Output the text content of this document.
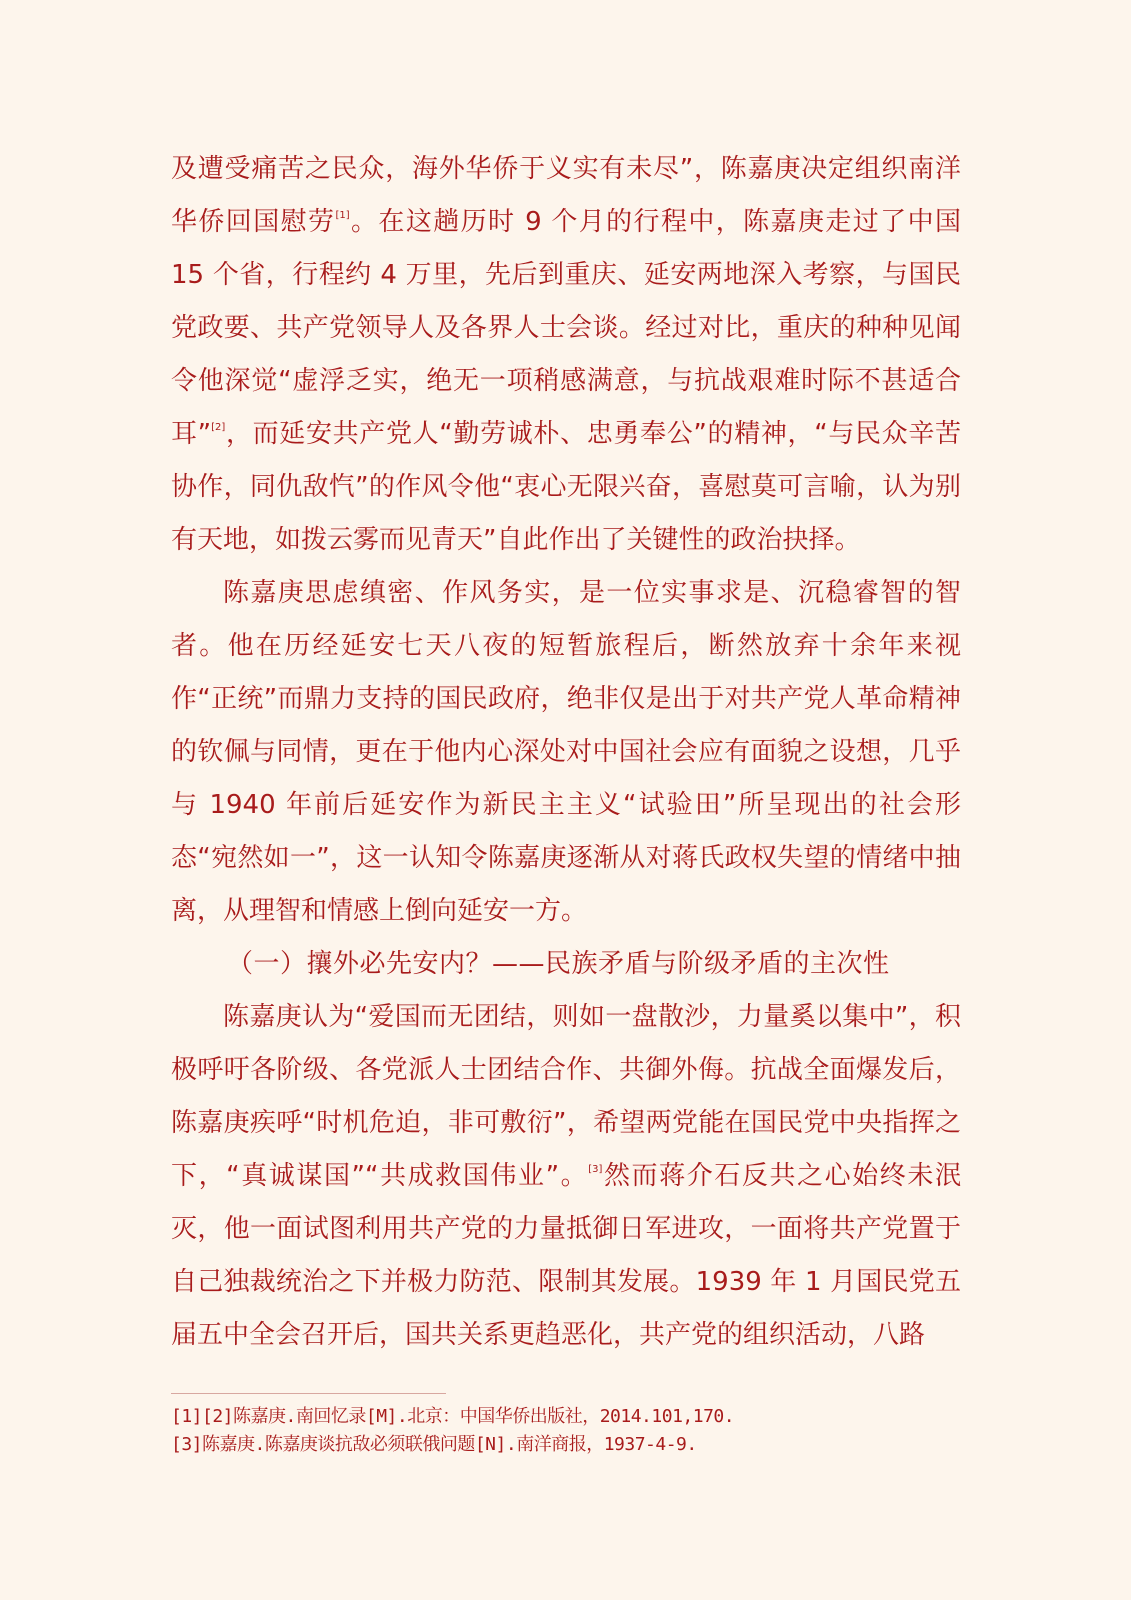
及遭受痛苦之民众，海外华侨于义实有未尽”，陈嘉庚决定组织南洋华侨回国慰劳[1]。在这趟历时 9 个月的行程中，陈嘉庚走过了中国 15 个省，行程约 4 万里，先后到重庆、延安两地深入考察，与国民党政要、共产党领导人及各界人士会谈。经过对比，重庆的种种见闻令他深觉“虚浮乏实，绝无一项稍感满意，与抗战艰难时际不甚适合耳”[2]，而延安共产党人“勤劳诚朴、忠勇奉公”的精神，“与民众辛苦协作，同仇敌忾”的作风令他“衷心无限兴奋，喜慰莫可言喻，认为别有天地，如拨云雾而见青天”自此作出了关键性的政治抉择。

陈嘉庚思虑缜密、作风务实，是一位实事求是、沉稳睿智的智者。他在历经延安七天八夜的短暂旅程后，断然放弃十余年来视作“正统”而鼎力支持的国民政府，绝非仅是出于对共产党人革命精神的钦佩与同情，更在于他内心深处对中国社会应有面貌之设想，几乎与 1940 年前后延安作为新民主主义“试验田”所呈现出的社会形态“宛然如一”，这一认知令陈嘉庚逐渐从对蒋氏政权失望的情绪中抽离，从理智和情感上倒向延安一方。

（一）攘外必先安内？——民族矛盾与阶级矛盾的主次性

陈嘉庚认为“爱国而无团结，则如一盘散沙，力量奚以集中”，积极呼吁各阶级、各党派人士团结合作、共御外侮。抗战全面爆发后，陈嘉庚疾呼“时机危迫，非可敷衍”，希望两党能在国民党中央指挥之下，“真诚谋国”“共成救国伟业”。[3]然而蒋介石反共之心始终未泯灭，他一面试图利用共产党的力量抵御日军进攻，一面将共产党置于自己独裁统治之下并极力防范、限制其发展。1939 年 1 月国民党五届五中全会召开后，国共关系更趋恶化，共产党的组织活动，八路

[1][2]陈嘉庚.南回忆录[M].北京：中国华侨出版社，2014.101,170.
[3]陈嘉庚.陈嘉庚谈抗敌必须联俄问题[N].南洋商报，1937-4-9.
